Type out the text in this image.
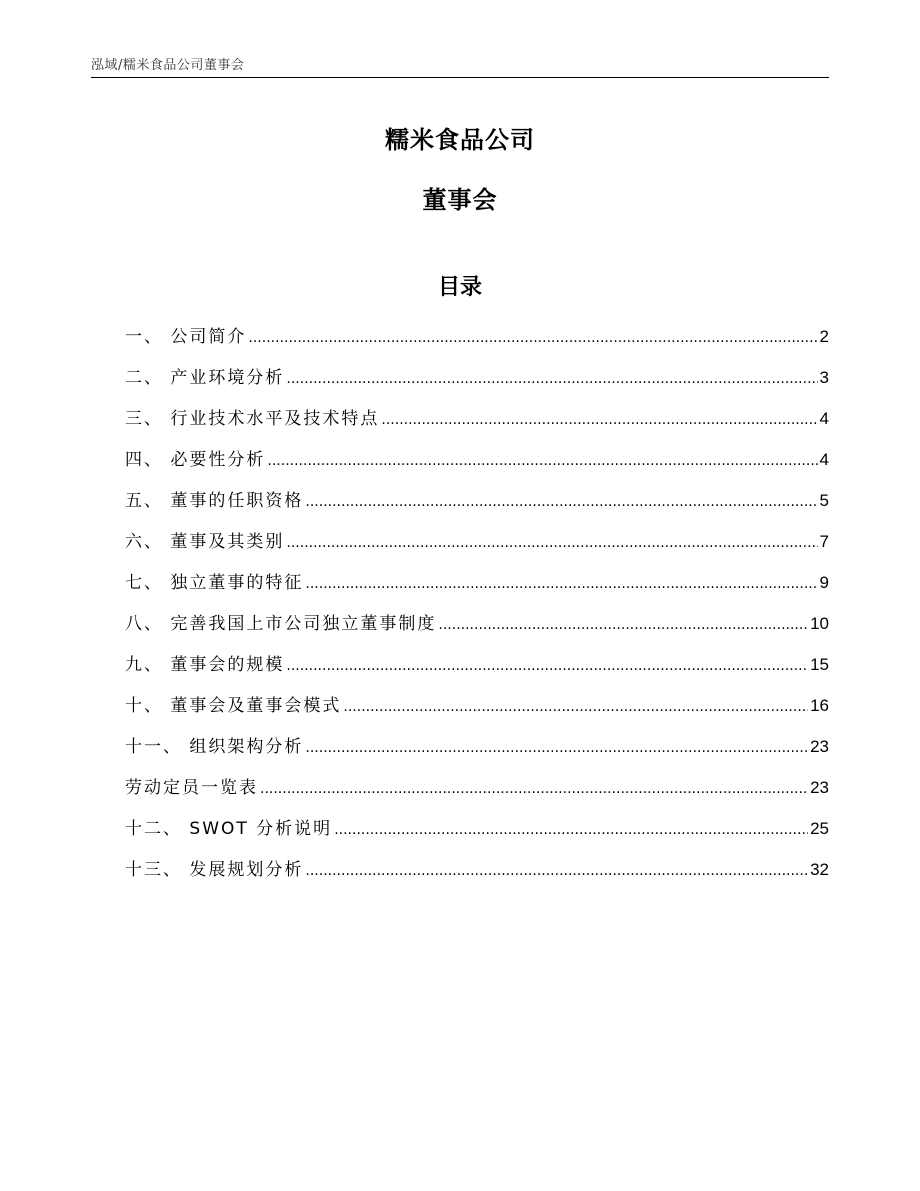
泓域/糯米食品公司董事会
糯米食品公司
董事会
目录
一、 公司简介 .....	2
二、 产业环境分析 .....	3
三、 行业技术水平及技术特点 .....	4
四、 必要性分析 .....	4
五、 董事的任职资格 .....	5
六、 董事及其类别 .....	7
七、 独立董事的特征 .....	9
八、 完善我国上市公司独立董事制度 .....	10
九、 董事会的规模 .....	15
十、 董事会及董事会模式 .....	16
十一、 组织架构分析 .....	23
劳动定员一览表 .....	23
十二、 SWOT 分析说明 .....	25
十三、 发展规划分析 .....	32
